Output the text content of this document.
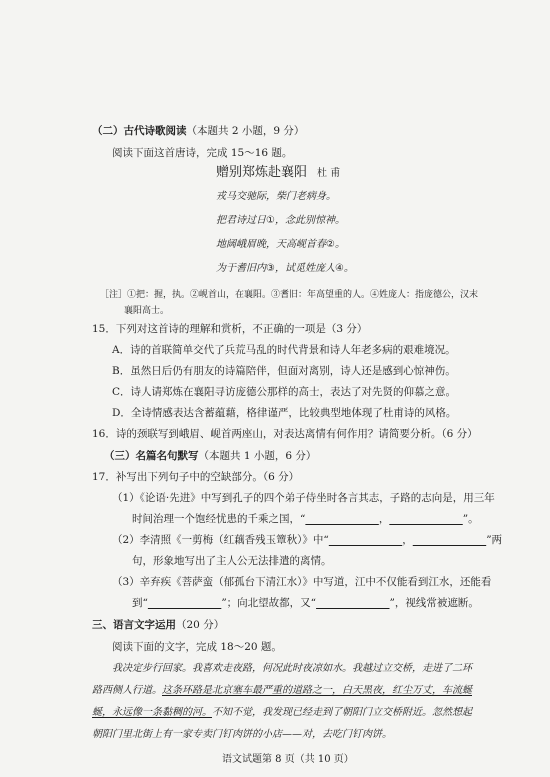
（二）古代诗歌阅读（本题共 2 小题，9 分）
阅读下面这首唐诗，完成 15～16 题。
赠别郑炼赴襄阳 杜 甫
戎马交驰际，柴门老病身。
把君诗过日①，念此别惊神。
地阔峨眉晚，天高岘首春②。
为于耆旧内③，试觅姓庞人④。
［注］①把：握，执。②岘首山，在襄阳。③耆旧：年高望重的人。④姓庞人：指庞德公，汉末
襄阳高士。
15．下列对这首诗的理解和赏析，不正确的一项是（3 分）
A．诗的首联简单交代了兵荒马乱的时代背景和诗人年老多病的艰难境况。
B．虽然日后仍有朋友的诗篇陪伴，但面对离别，诗人还是感到心惊神伤。
C．诗人请郑炼在襄阳寻访庞德公那样的高士，表达了对先贤的仰慕之意。
D．全诗情感表达含蓄蕴藉，格律谨严，比较典型地体现了杜甫诗的风格。
16．诗的颈联写到峨眉、岘首两座山，对表达离情有何作用？请简要分析。（6 分）
（三）名篇名句默写（本题共 1 小题，6 分）
17．补写出下列句子中的空缺部分。（6 分）
（1）《论语·先进》中写到孔子的四个弟子侍坐时各言其志，子路的志向是，用三年
时间治理一个饱经忧患的千乘之国，“	，	”。
（2）李清照《一剪梅（红藕香残玉簟秋）》中“	，	”两
句，形象地写出了主人公无法排遣的离情。
（3）辛弃疾《菩萨蛮（郁孤台下清江水）》中写道，江中不仅能看到江水，还能看
到“	”；向北望故都，又“	”，视线常被遮断。
三、语言文字运用（20 分）
阅读下面的文字，完成 18～20 题。
我决定步行回家。我喜欢走夜路，何况此时夜凉如水。我越过立交桥，走进了二环
路西侧人行道。这条环路是北京塞车最严重的道路之一，白天黑夜，红尘万丈，车流蜒
蜒，永远像一条黏稠的河。不知不觉，我发现已经走到了朝阳门立交桥附近。忽然想起
朝阳门里北街上有一家专卖门钉肉饼的小店——对，去吃门钉肉饼。
语文试题第 8 页（共 10 页）
